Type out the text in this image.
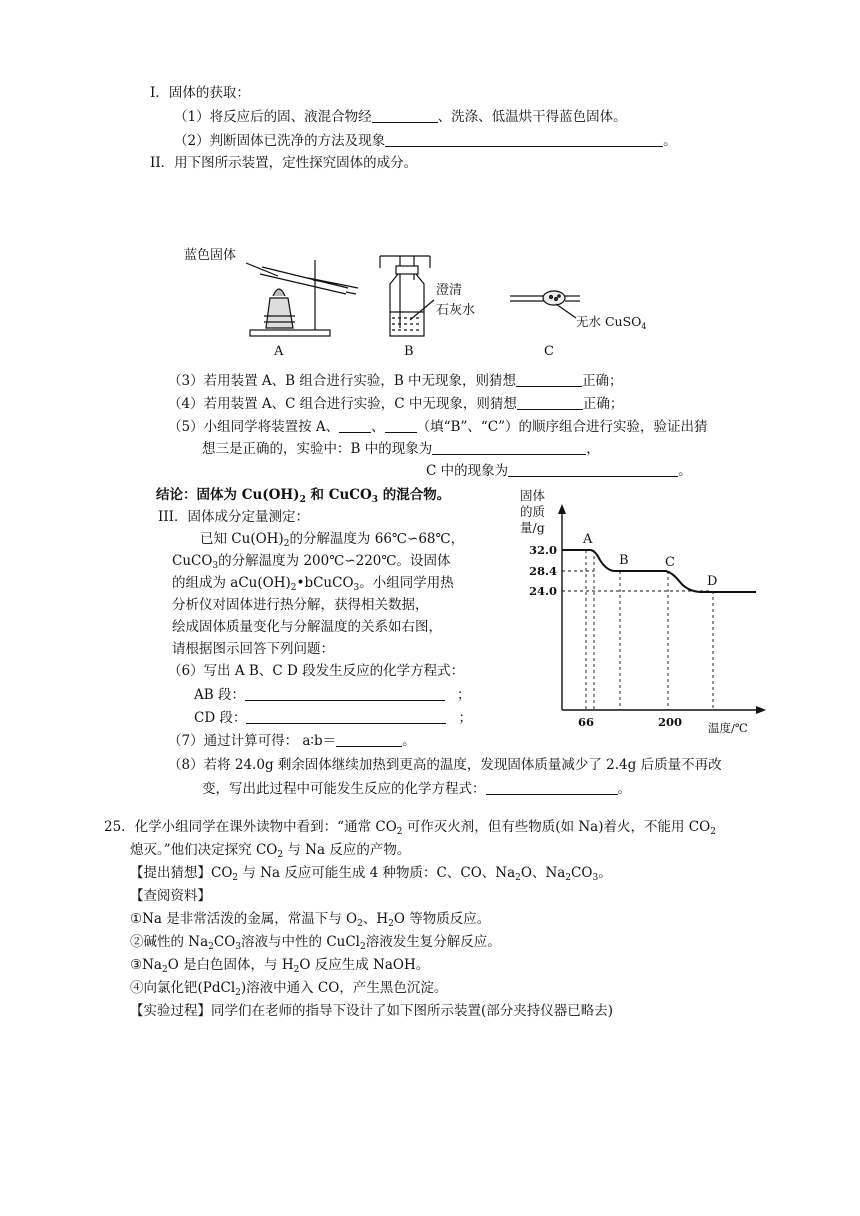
Ⅰ．固体的获取：
（1）将反应后的固、液混合物经	、洗涤、低温烘干得蓝色固体。
（2）判断固体已洗净的方法及现象	。
II．用下图所示装置，定性探究固体的成分。
蓝色固体
A
澄清
石灰水
B
无水 CuSO$_4$
C
（3）若用装置 A、B 组合进行实验，B 中无现象，则猜想	正确；
（4）若用装置 A、C 组合进行实验，C 中无现象，则猜想	正确；
（5）小组同学将装置按 A、 、 （填“B”、“C”）的顺序组合进行实验，验证出猜
想三是正确的，实验中：B 中的现象为	，
C 中的现象为	。
结论：固体为 $Cu(OH)_2$ 和 CuCO$_3$ 的混合物。
III．固体成分定量测定：
已知 $Cu(OH)_2$的分解温度为 66℃∽68℃，
CuCO$_3$的分解温度为 200℃∽220℃。设固体
的组成为 $aCu(OH)_2•bCuCO_3$。小组同学用热
分析仪对固体进行热分解，获得相关数据，
绘成固体质量变化与分解温度的关系如右图，
请根据图示回答下列问题：
（6）写出 A B、C D 段发生反应的化学方程式：
AB 段：	；
CD 段：	；
（7）通过计算可得： a∶b＝	。
（8）若将 24.0g 剩余固体继续加热到更高的温度，发现固体质量减少了 2.4g 后质量不再改
变，写出此过程中可能发生反应的化学方程式：	。
固体
的质
量/g
32.0
28.4
24.0
66	200
A
B	C
D
温度/℃
25．化学小组同学在课外读物中看到：“通常 $CO_2$ 可作灭火剂，但有些物质(如 Na)着火，不能用 $CO_2$
熄灭。”他们决定探究 $CO_2$ 与 Na 反应的产物。
【提出猜想】$CO_2$ 与 Na 反应可能生成 4 种物质：C、CO、$Na_2O$、$Na_2CO_3$。
【查阅资料】
①Na 是非常活泼的金属，常温下与 $O_2$、$H_2O$ 等物质反应。
②碱性的 $Na_2CO_3$溶液与中性的 CuCl$_2$溶液发生复分解反应。
$③Na_2O$ 是白色固体，与 $H_2O$ 反应生成 NaOH。
④向氯化钯(PdCl$_2$)溶液中通入 CO，产生黑色沉淀。
【实验过程】同学们在老师的指导下设计了如下图所示装置(部分夹持仪器已略去)
